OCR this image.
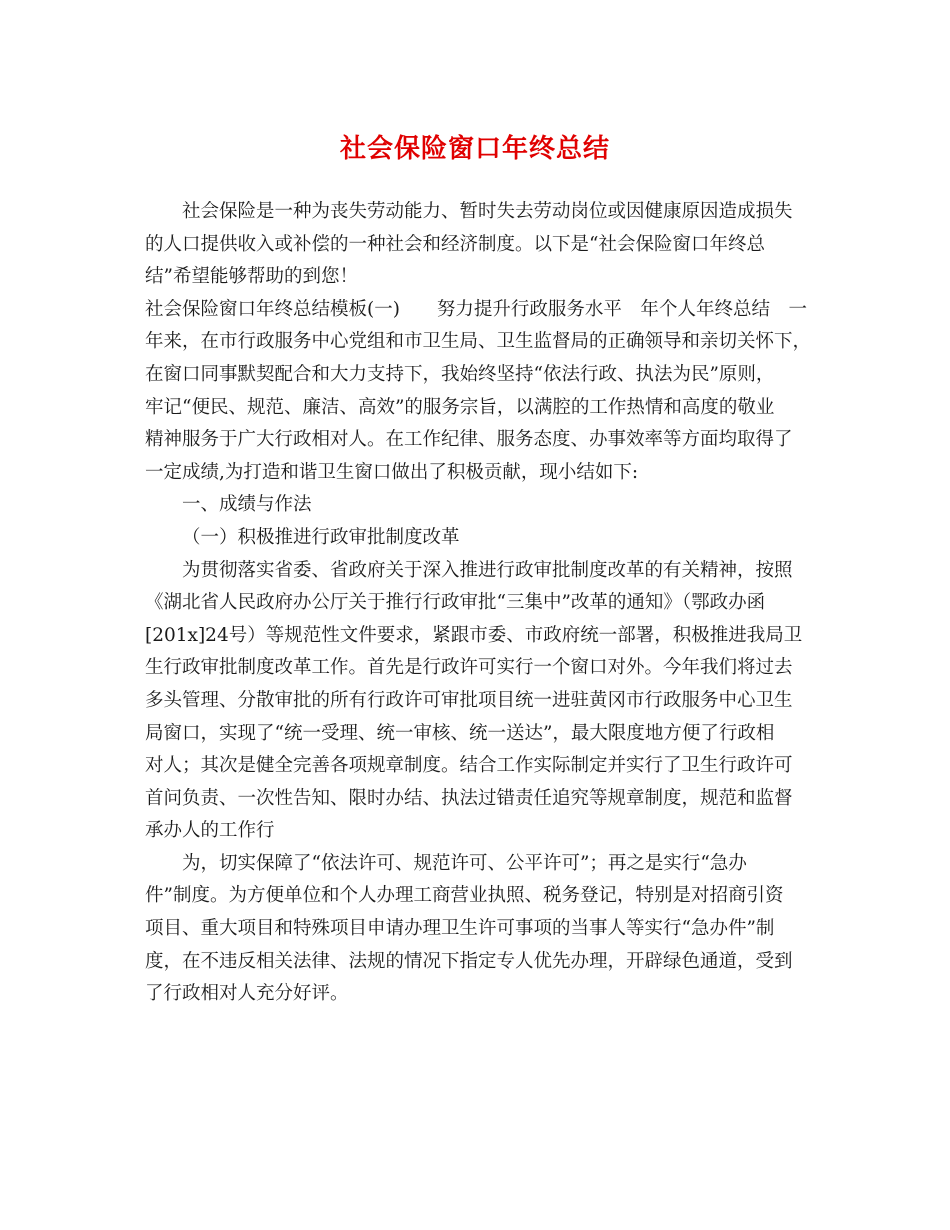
社会保险窗口年终总结
社会保险是一种为丧失劳动能力、暂时失去劳动岗位或因健康原因造成损失
的人口提供收入或补偿的一种社会和经济制度。以下是“社会保险窗口年终总
结”希望能够帮助的到您！
社会保险窗口年终总结模板(一)　　努力提升行政服务水平　年个人年终总结　一
年来，在市行政服务中心党组和市卫生局、卫生监督局的正确领导和亲切关怀下，
在窗口同事默契配合和大力支持下，我始终坚持“依法行政、执法为民”原则，
牢记“便民、规范、廉洁、高效”的服务宗旨，以满腔的工作热情和高度的敬业
精神服务于广大行政相对人。在工作纪律、服务态度、办事效率等方面均取得了
一定成绩,为打造和谐卫生窗口做出了积极贡献，现小结如下:
一、成绩与作法
（一）积极推进行政审批制度改革
为贯彻落实省委、省政府关于深入推进行政审批制度改革的有关精神，按照
《湖北省人民政府办公厅关于推行行政审批“三集中”改革的通知》（鄂政办函
[201x]24号）等规范性文件要求，紧跟市委、市政府统一部署，积极推进我局卫
生行政审批制度改革工作。首先是行政许可实行一个窗口对外。今年我们将过去
多头管理、分散审批的所有行政许可审批项目统一进驻黄冈市行政服务中心卫生
局窗口，实现了“统一受理、统一审核、统一送达”，最大限度地方便了行政相
对人；其次是健全完善各项规章制度。结合工作实际制定并实行了卫生行政许可
首问负责、一次性告知、限时办结、执法过错责任追究等规章制度，规范和监督
承办人的工作行
为，切实保障了“依法许可、规范许可、公平许可”；再之是实行“急办
件”制度。为方便单位和个人办理工商营业执照、税务登记，特别是对招商引资
项目、重大项目和特殊项目申请办理卫生许可事项的当事人等实行“急办件”制
度，在不违反相关法律、法规的情况下指定专人优先办理，开辟绿色通道，受到
了行政相对人充分好评。
